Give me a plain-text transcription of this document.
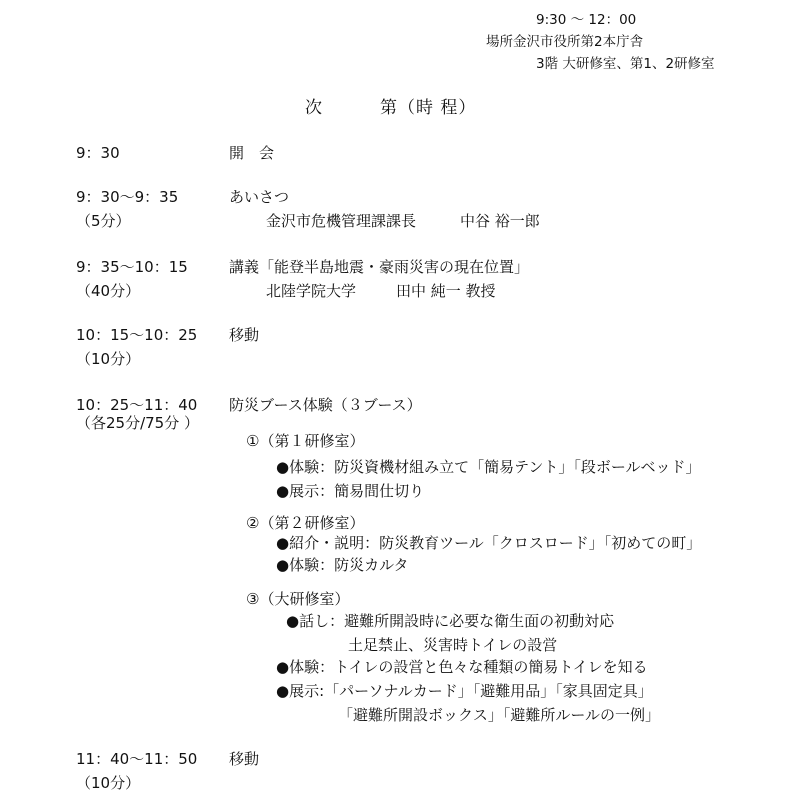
9:30 ～ 12：00
場所金沢市役所第2本庁舎
3階 大研修室、第1、2研修室
次	第（時 程）
9：30	開　会
9：30～9：35
（5分）
あいさつ
金沢市危機管理課課長	中谷 裕一郎
9：35～10：15
（40分）
講義「能登半島地震・豪雨災害の現在位置」
北陸学院大学	田中 純一 教授
10：15～10：25
（10分）
移動
10：25～11：40
（各25分/75分 ）
防災ブース体験（３ブース）
①（第１研修室）
●体験：防災資機材組み立て「簡易テント」「段ボールベッド」
●展示：簡易間仕切り
②（第２研修室）
●紹介・説明：防災教育ツール「クロスロード」「初めての町」
●体験：防災カルタ
③（大研修室）
●話し：避難所開設時に必要な衛生面の初動対応
土足禁止、災害時トイレの設営
●体験：トイレの設営と色々な種類の簡易トイレを知る
●展示:「パーソナルカード」「避難用品」「家具固定具」
「避難所開設ボックス」「避難所ルールの一例」
11：40～11：50
（10分）
移動
